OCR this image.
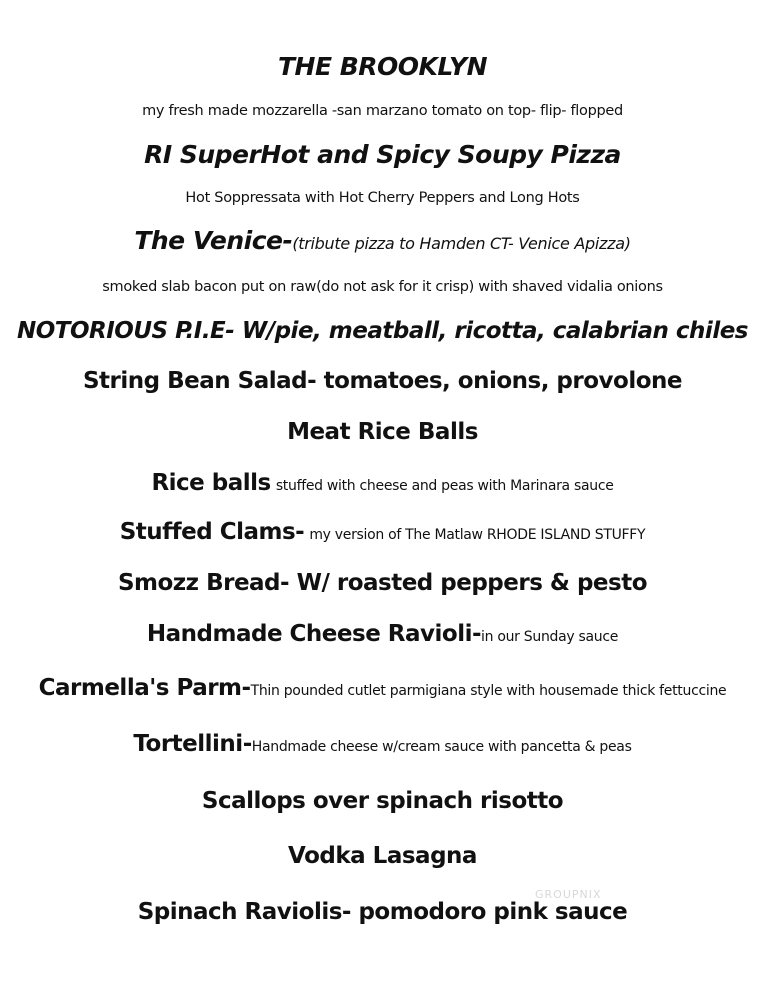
THE BROOKLYN
my fresh made mozzarella -san marzano tomato on top- flip- flopped
RI SuperHot and Spicy Soupy Pizza
Hot Soppressata with Hot Cherry Peppers and Long Hots
The Venice-(tribute pizza to Hamden CT- Venice Apizza)
smoked slab bacon put on raw(do not ask for it crisp) with shaved vidalia onions
NOTORIOUS P.I.E- W/pie, meatball, ricotta, calabrian chiles
String Bean Salad- tomatoes, onions, provolone
Meat Rice Balls
Rice balls stuffed with cheese and peas with Marinara sauce
Stuffed Clams- my version of The Matlaw RHODE ISLAND STUFFY
Smozz Bread- W/ roasted peppers & pesto
Handmade Cheese Ravioli-in our Sunday sauce
Carmella's Parm-Thin pounded cutlet parmigiana style with housemade thick fettuccine
Tortellini-Handmade cheese w/cream sauce with pancetta & peas
Scallops over spinach risotto
Vodka Lasagna
Spinach Raviolis- pomodoro pink sauce
GROUPNIX
